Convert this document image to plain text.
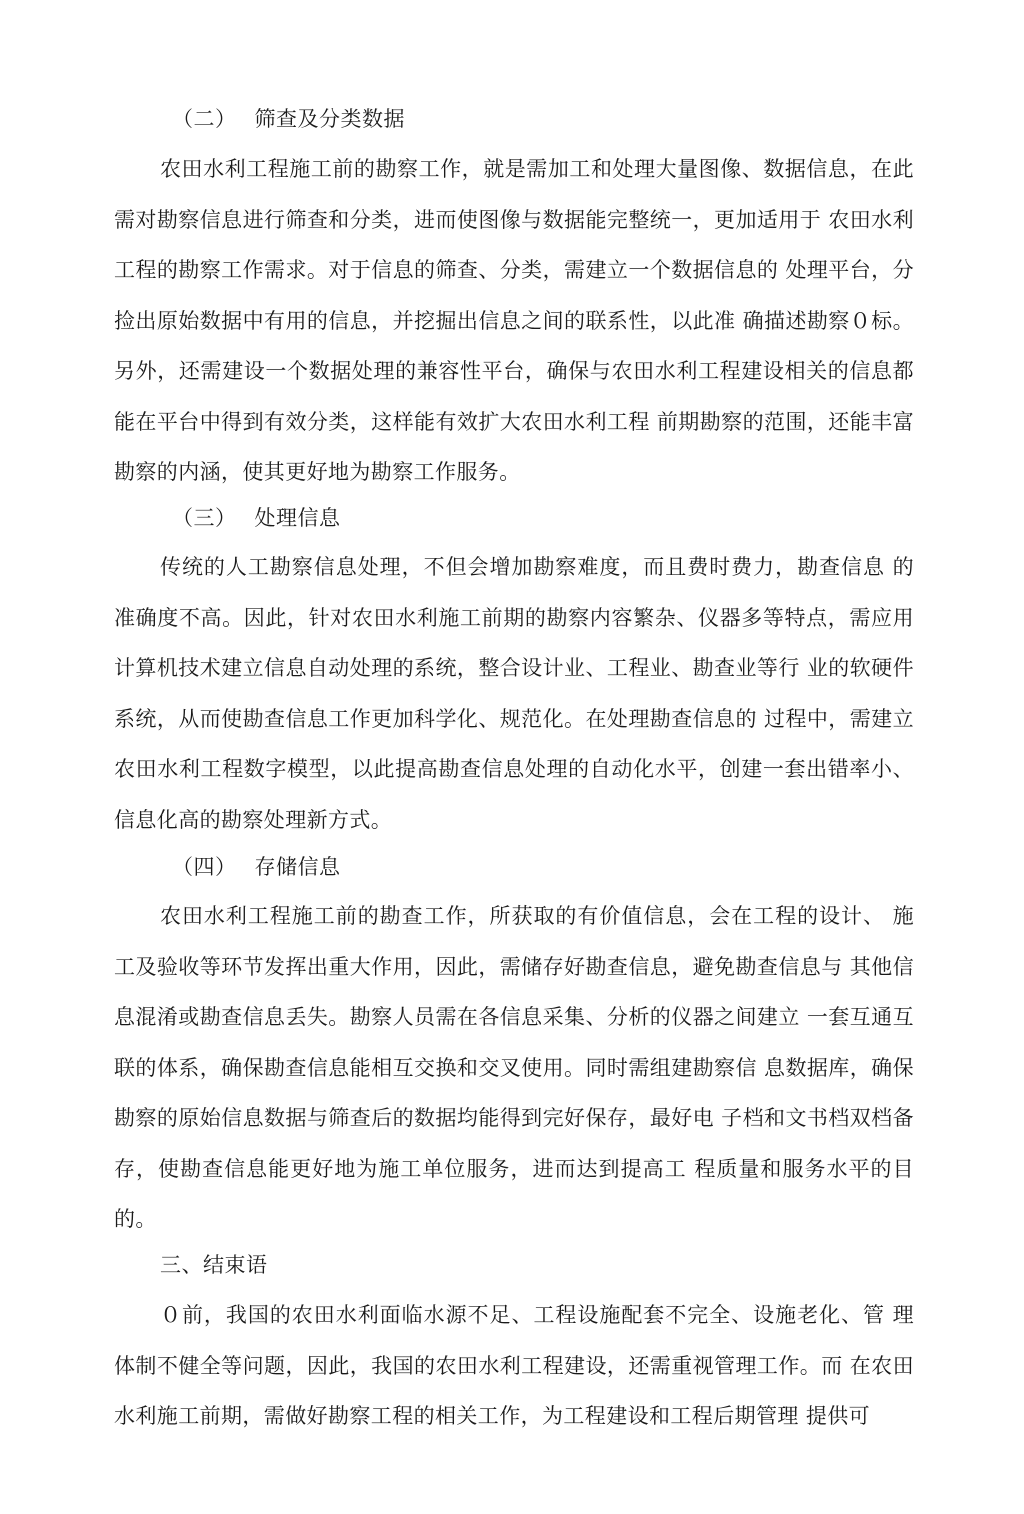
（二） 筛查及分类数据

农田水利工程施工前的勘察工作，就是需加工和处理大量图像、数据信息，在此需对勘察信息进行筛查和分类，进而使图像与数据能完整统一，更加适用于 农田水利工程的勘察工作需求。对于信息的筛查、分类，需建立一个数据信息的 处理平台，分捡出原始数据中有用的信息，并挖掘出信息之间的联系性，以此准 确描述勘察０标。另外，还需建设一个数据处理的兼容性平台，确保与农田水利工程建设相关的信息都能在平台中得到有效分类，这样能有效扩大农田水利工程 前期勘察的范围，还能丰富勘察的内涵，使其更好地为勘察工作服务。

（三） 处理信息

传统的人工勘察信息处理，不但会增加勘察难度，而且费时费力，勘查信息 的准确度不高。因此，针对农田水利施工前期的勘察内容繁杂、仪器多等特点，需应用计算机技术建立信息自动处理的系统，整合设计业、工程业、勘查业等行 业的软硬件系统，从而使勘查信息工作更加科学化、规范化。在处理勘查信息的 过程中，需建立农田水利工程数字模型，以此提高勘查信息处理的自动化水平，创建一套出错率小、信息化高的勘察处理新方式。

（四） 存储信息

农田水利工程施工前的勘查工作，所获取的有价值信息，会在工程的设计、 施工及验收等环节发挥出重大作用，因此，需储存好勘查信息，避免勘查信息与 其他信息混淆或勘查信息丢失。勘察人员需在各信息采集、分析的仪器之间建立 一套互通互联的体系，确保勘查信息能相互交换和交叉使用。同时需组建勘察信 息数据库，确保勘察的原始信息数据与筛查后的数据均能得到完好保存，最好电 子档和文书档双档备存，使勘查信息能更好地为施工单位服务，进而达到提高工 程质量和服务水平的目的。

三、结束语

０前，我国的农田水利面临水源不足、工程设施配套不完全、设施老化、管 理体制不健全等问题，因此，我国的农田水利工程建设，还需重视管理工作。而 在农田水利施工前期，需做好勘察工程的相关工作，为工程建设和工程后期管理 提供可
